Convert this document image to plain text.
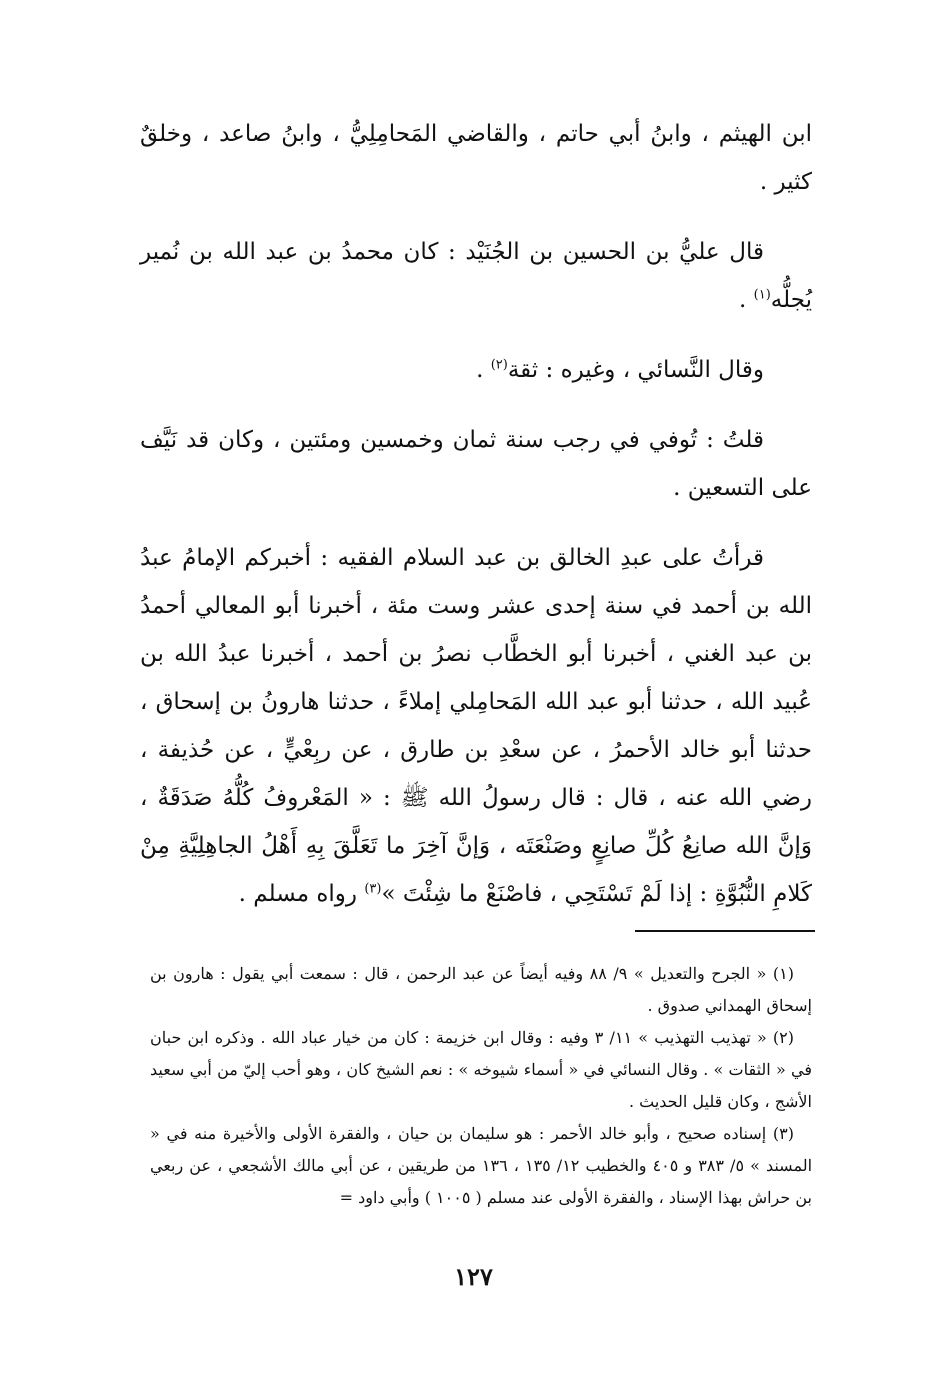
ابن الهيثم ، وابنُ أبي حاتم ، والقاضي المَحامِلِيُّ ، وابنُ صاعد ، وخلقٌ كثير .

قال عليُّ بن الحسين بن الجُنَيْد : كان محمدُ بن عبد الله بن نُمير يُجلُّه$^{(١)}$ .

وقال النَّسائي ، وغيره : ثقة$^{(٢)}$ .

قلتُ : تُوفي في رجب سنة ثمان وخمسين ومئتين ، وكان قد نَيَّف على التسعين .

قرأتُ على عبدِ الخالق بن عبد السلام الفقيه : أخبركم الإمامُ عبدُ الله بن أحمد في سنة إحدى عشر وست مئة ، أخبرنا أبو المعالي أحمدُ بن عبد الغني ، أخبرنا أبو الخطَّاب نصرُ بن أحمد ، أخبرنا عبدُ الله بن عُبيد الله ، حدثنا أبو عبد الله المَحامِلي إملاءً ، حدثنا هارونُ بن إسحاق ، حدثنا أبو خالد الأحمرُ ، عن سعْدِ بن طارق ، عن ربِعْيٍّ ، عن حُذيفة ، رضي الله عنه ، قال : قال رسولُ الله ﷺ : « المَعْروفُ كُلُّهُ صَدَقَةٌ ، وَإنَّ الله صانِعُ كُلِّ صانِعٍ وصَنْعَتَه ، وَإنَّ آخِرَ ما تَعَلَّقَ بِهِ أَهْلُ الجاهِلِيَّةِ مِنْ كَلامِ النُّبُوَّةِ : إذا لَمْ تَسْتَحِي ، فاصْنَعْ ما شِئْتَ »$^{(٣)}$ رواه مسلم .

(١) « الجرح والتعديل » ٩/ ٨٨ وفيه أيضاً عن عبد الرحمن ، قال : سمعت أبي يقول : هارون بن إسحاق الهمداني صدوق .

(٢) « تهذيب التهذيب » ١١/ ٣ وفيه : وقال ابن خزيمة : كان من خيار عباد الله . وذكره ابن حبان في « الثقات » . وقال النسائي في « أسماء شيوخه » : نعم الشيخ كان ، وهو أحب إليّ من أبي سعيد الأشج ، وكان قليل الحديث .

(٣) إسناده صحيح ، وأبو خالد الأحمر : هو سليمان بن حيان ، والفقرة الأولى والأخيرة منه في « المسند » ٥/ ٣٨٣ و ٤٠٥ والخطيب ١٢/ ١٣٥ ، ١٣٦ من طريقين ، عن أبي مالك الأشجعي ، عن ربعي بن حراش بهذا الإسناد ، والفقرة الأولى عند مسلم ( ١٠٠٥ ) وأبي داود =

١٢٧
